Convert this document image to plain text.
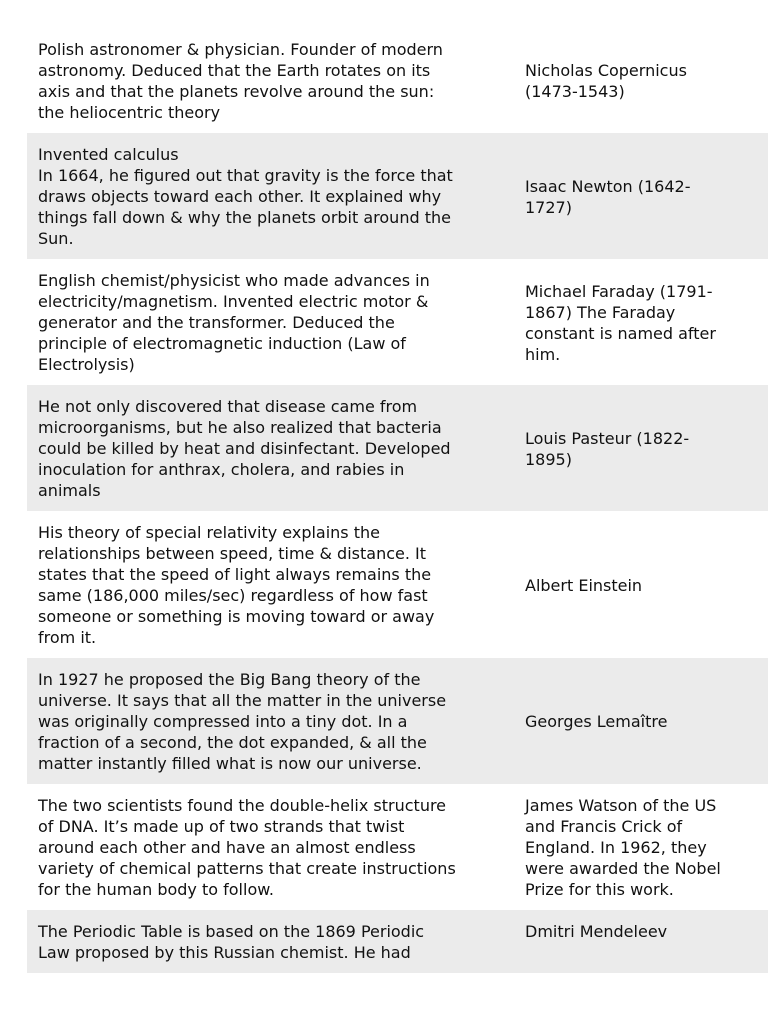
Polish astronomer & physician. Founder of modern
astronomy. Deduced that the Earth rotates on its
axis and that the planets revolve around the sun:
the heliocentric theory
Nicholas Copernicus
(1473-1543)
Invented calculus
In 1664, he figured out that gravity is the force that
draws objects toward each other. It explained why
things fall down & why the planets orbit around the
Sun.
Isaac Newton (1642-
1727)
English chemist/physicist who made advances in
electricity/magnetism. Invented electric motor &
generator and the transformer. Deduced the
principle of electromagnetic induction (Law of
Electrolysis)
Michael Faraday (1791-
1867) The Faraday
constant is named after
him.
He not only discovered that disease came from
microorganisms, but he also realized that bacteria
could be killed by heat and disinfectant. Developed
inoculation for anthrax, cholera, and rabies in
animals
Louis Pasteur (1822-
1895)
His theory of special relativity explains the
relationships between speed, time & distance. It
states that the speed of light always remains the
same (186,000 miles/sec) regardless of how fast
someone or something is moving toward or away
from it.
Albert Einstein
In 1927 he proposed the Big Bang theory of the
universe. It says that all the matter in the universe
was originally compressed into a tiny dot. In a
fraction of a second, the dot expanded, & all the
matter instantly filled what is now our universe.
Georges Lemaître
The two scientists found the double-helix structure
of DNA. It’s made up of two strands that twist
around each other and have an almost endless
variety of chemical patterns that create instructions
for the human body to follow.
James Watson of the US
and Francis Crick of
England. In 1962, they
were awarded the Nobel
Prize for this work.
The Periodic Table is based on the 1869 Periodic
Law proposed by this Russian chemist. He had
Dmitri Mendeleev
